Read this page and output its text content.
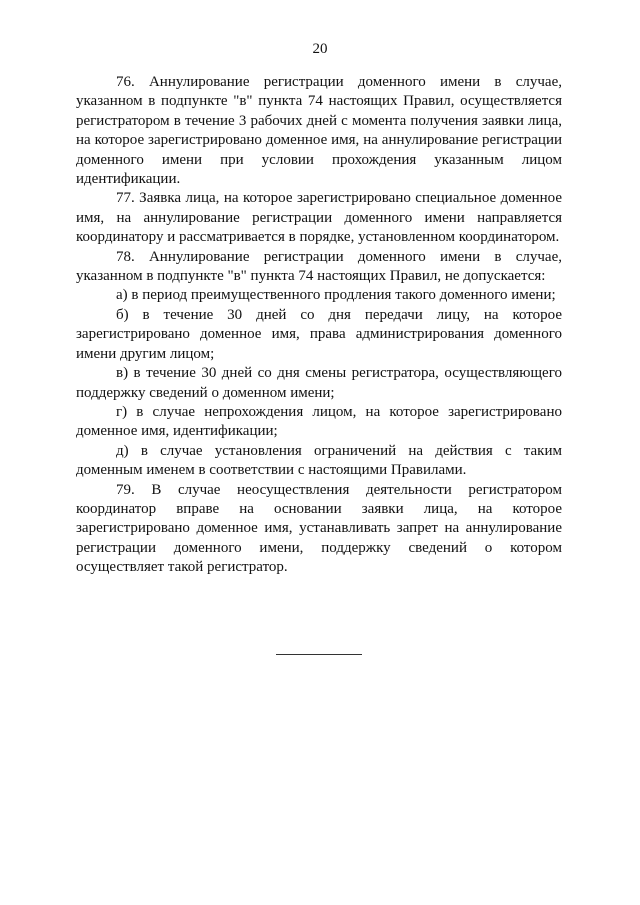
20

76. Аннулирование регистрации доменного имени в случае, указанном в подпункте "в" пункта 74 настоящих Правил, осуществляется регистратором в течение 3 рабочих дней с момента получения заявки лица, на которое зарегистрировано доменное имя, на аннулирование регистрации доменного имени при условии прохождения указанным лицом идентификации.

77. Заявка лица, на которое зарегистрировано специальное доменное имя, на аннулирование регистрации доменного имени направляется координатору и рассматривается в порядке, установленном координатором.

78. Аннулирование регистрации доменного имени в случае, указанном в подпункте "в" пункта 74 настоящих Правил, не допускается:

а) в период преимущественного продления такого доменного имени;

б) в течение 30 дней со дня передачи лицу, на которое зарегистрировано доменное имя, права администрирования доменного имени другим лицом;

в) в течение 30 дней со дня смены регистратора, осуществляющего поддержку сведений о доменном имени;

г) в случае непрохождения лицом, на которое зарегистрировано доменное имя, идентификации;

д) в случае установления ограничений на действия с таким доменным именем в соответствии с настоящими Правилами.

79. В случае неосуществления деятельности регистратором координатор вправе на основании заявки лица, на которое зарегистрировано доменное имя, устанавливать запрет на аннулирование регистрации доменного имени, поддержку сведений о котором осуществляет такой регистратор.
